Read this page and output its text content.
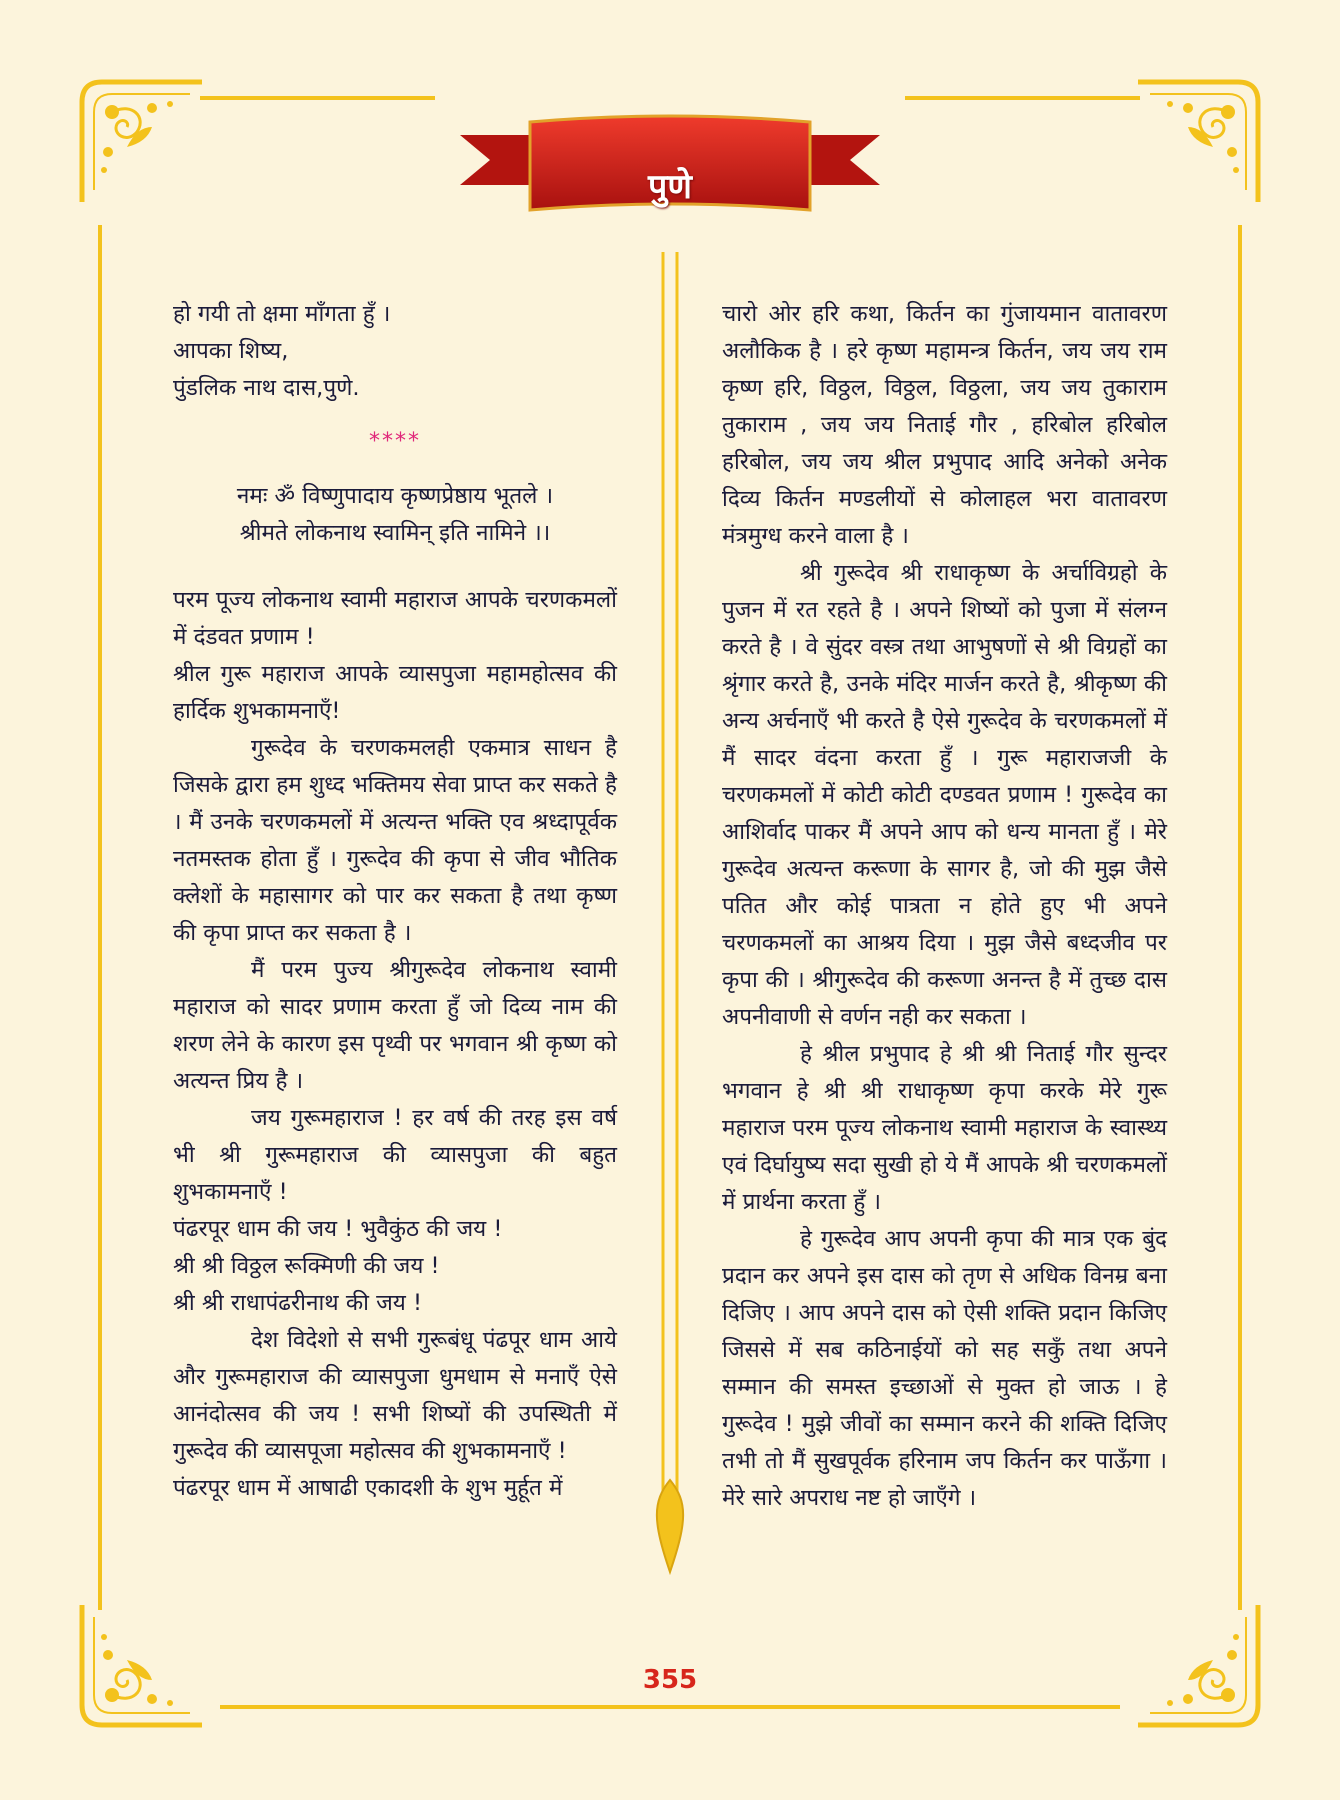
पुणे

हो गयी तो क्षमा माँगता हुँ ।

आपका शिष्य,

पुंडलिक नाथ दास,पुणे.

****

नमः ॐ विष्णुपादाय कृष्णप्रेष्ठाय भूतले ।

श्रीमते लोकनाथ स्वामिन् इति नामिने ।।

परम पूज्य लोकनाथ स्वामी महाराज आपके चरणकमलों में दंडवत प्रणाम !

श्रील गुरू महाराज आपके व्यासपुजा महामहोत्सव की हार्दिक शुभकामनाएँ!

गुरूदेव के चरणकमलही एकमात्र साधन है जिसके द्वारा हम शुध्द भक्तिमय सेवा प्राप्त कर सकते है । मैं उनके चरणकमलों में अत्यन्त भक्ति एव श्रध्दापूर्वक नतमस्तक होता हुँ । गुरूदेव की कृपा से जीव भौतिक क्लेशों के महासागर को पार कर सकता है तथा कृष्ण की कृपा प्राप्त कर सकता है ।

मैं परम पुज्य श्रीगुरूदेव लोकनाथ स्वामी महाराज को सादर प्रणाम करता हुँ जो दिव्य नाम की शरण लेने के कारण इस पृथ्वी पर भगवान श्री कृष्ण को अत्यन्त प्रिय है ।

जय गुरूमहाराज ! हर वर्ष की तरह इस वर्ष भी श्री गुरूमहाराज की व्यासपुजा की बहुत शुभकामनाएँ !

पंढरपूर धाम की जय ! भुवैकुंठ की जय !

श्री श्री विठ्ठल रूक्मिणी की जय !

श्री श्री राधापंढरीनाथ की जय !

देश विदेशो से सभी गुरूबंधू पंढपूर धाम आये और गुरूमहाराज की व्यासपुजा धुमधाम से मनाएँ ऐसे आनंदोत्सव की जय ! सभी शिष्यों की उपस्थिती में गुरूदेव की व्यासपूजा महोत्सव की शुभकामनाएँ !

पंढरपूर धाम में आषाढी एकादशी के शुभ मुर्हूत में

चारो ओर हरि कथा, किर्तन का गुंजायमान वातावरण अलौकिक है । हरे कृष्ण महामन्त्र किर्तन, जय जय राम कृष्ण हरि, विठ्ठल, विठ्ठल, विठ्ठला, जय जय तुकाराम तुकाराम , जय जय निताई गौर , हरिबोल हरिबोल हरिबोल, जय जय श्रील प्रभुपाद आदि अनेको अनेक दिव्य किर्तन मण्डलीयों से कोलाहल भरा वातावरण मंत्रमुग्ध करने वाला है ।

श्री गुरूदेव श्री राधाकृष्ण के अर्चाविग्रहो के पुजन में रत रहते है । अपने शिष्यों को पुजा में संलग्न करते है । वे सुंदर वस्त्र तथा आभुषणों से श्री विग्रहों का श्रृंगार करते है, उनके मंदिर मार्जन करते है, श्रीकृष्ण की अन्य अर्चनाएँ भी करते है ऐसे गुरूदेव के चरणकमलों में मैं सादर वंदना करता हुँ । गुरू महाराजजी के चरणकमलों में कोटी कोटी दण्डवत प्रणाम ! गुरूदेव का आशिर्वाद पाकर मैं अपने आप को धन्य मानता हुँ । मेरे गुरूदेव अत्यन्त करूणा के सागर है, जो की मुझ जैसे पतित और कोई पात्रता न होते हुए भी अपने चरणकमलों का आश्रय दिया । मुझ जैसे बध्दजीव पर कृपा की । श्रीगुरूदेव की करूणा अनन्त है में तुच्छ दास अपनीवाणी से वर्णन नही कर सकता ।

हे श्रील प्रभुपाद हे श्री श्री निताई गौर सुन्दर भगवान हे श्री श्री राधाकृष्ण कृपा करके मेरे गुरू महाराज परम पूज्य लोकनाथ स्वामी महाराज के स्वास्थ्य एवं दिर्घायुष्य सदा सुखी हो ये मैं आपके श्री चरणकमलों में प्रार्थना करता हुँ ।

हे गुरूदेव आप अपनी कृपा की मात्र एक बुंद प्रदान कर अपने इस दास को तृण से अधिक विनम्र बना दिजिए । आप अपने दास को ऐसी शक्ति प्रदान किजिए जिससे में सब कठिनाईयों को सह सकुँ तथा अपने सम्मान की समस्त इच्छाओं से मुक्त हो जाऊ । हे गुरूदेव ! मुझे जीवों का सम्मान करने की शक्ति दिजिए तभी तो मैं सुखपूर्वक हरिनाम जप किर्तन कर पाऊँगा । मेरे सारे अपराध नष्ट हो जाएँगे ।

355
